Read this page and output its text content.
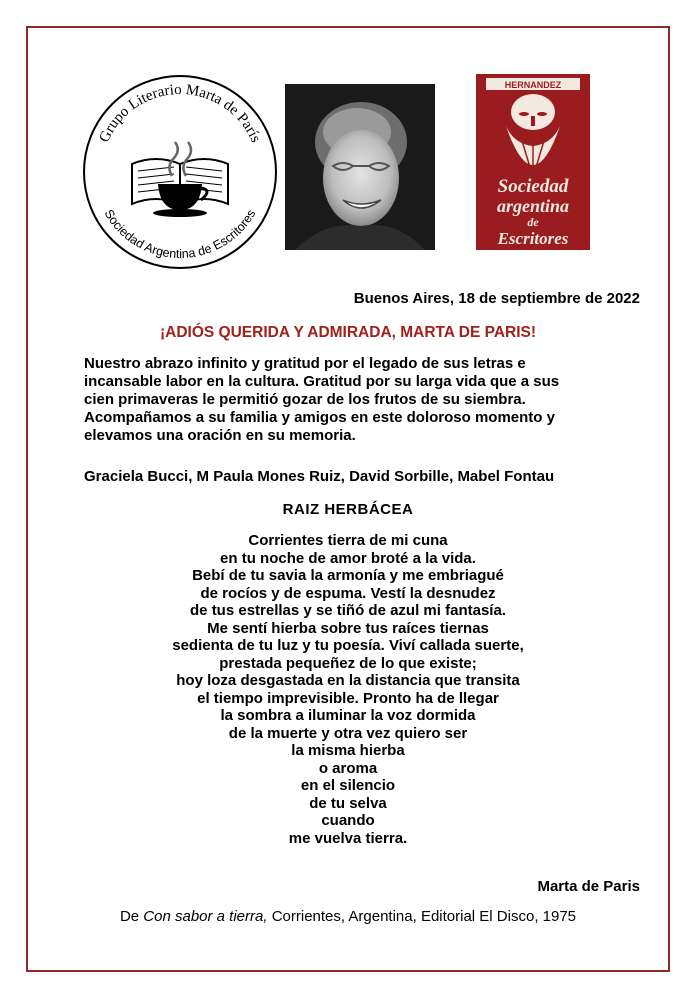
Grupo Literario Marta de París
Sociedad Argentina de Escritores
HERNANDEZ
Sociedad
argentina
de
Escritores
Buenos Aires, 18 de septiembre de 2022
¡ADIÓS QUERIDA Y ADMIRADA, MARTA DE PARIS!
Nuestro abrazo infinito y gratitud por el legado de sus letras e
incansable labor en la cultura. Gratitud por su larga vida que a sus
cien primaveras le permitió gozar de los frutos de su siembra.
Acompañamos a su familia y amigos en este doloroso momento y
elevamos una oración en su memoria.
Graciela Bucci, M Paula Mones Ruiz, David Sorbille, Mabel Fontau
RAIZ HERBÁCEA
Corrientes tierra de mi cuna
en tu noche de amor broté a la vida.
Bebí de tu savia la armonía y me embriagué
de rocíos y de espuma. Vestí la desnudez
de tus estrellas y se tiñó de azul mi fantasía.
Me sentí hierba sobre tus raíces tiernas
sedienta de tu luz y tu poesía. Viví callada suerte,
prestada pequeñez de lo que existe;
hoy loza desgastada en la distancia que transita
el tiempo imprevisible. Pronto ha de llegar
la sombra a iluminar la voz dormida
de la muerte y otra vez quiero ser
la misma hierba
o aroma
en el silencio
de tu selva
cuando
me vuelva tierra.
Marta de Paris
De Con sabor a tierra, Corrientes, Argentina, Editorial El Disco, 1975
